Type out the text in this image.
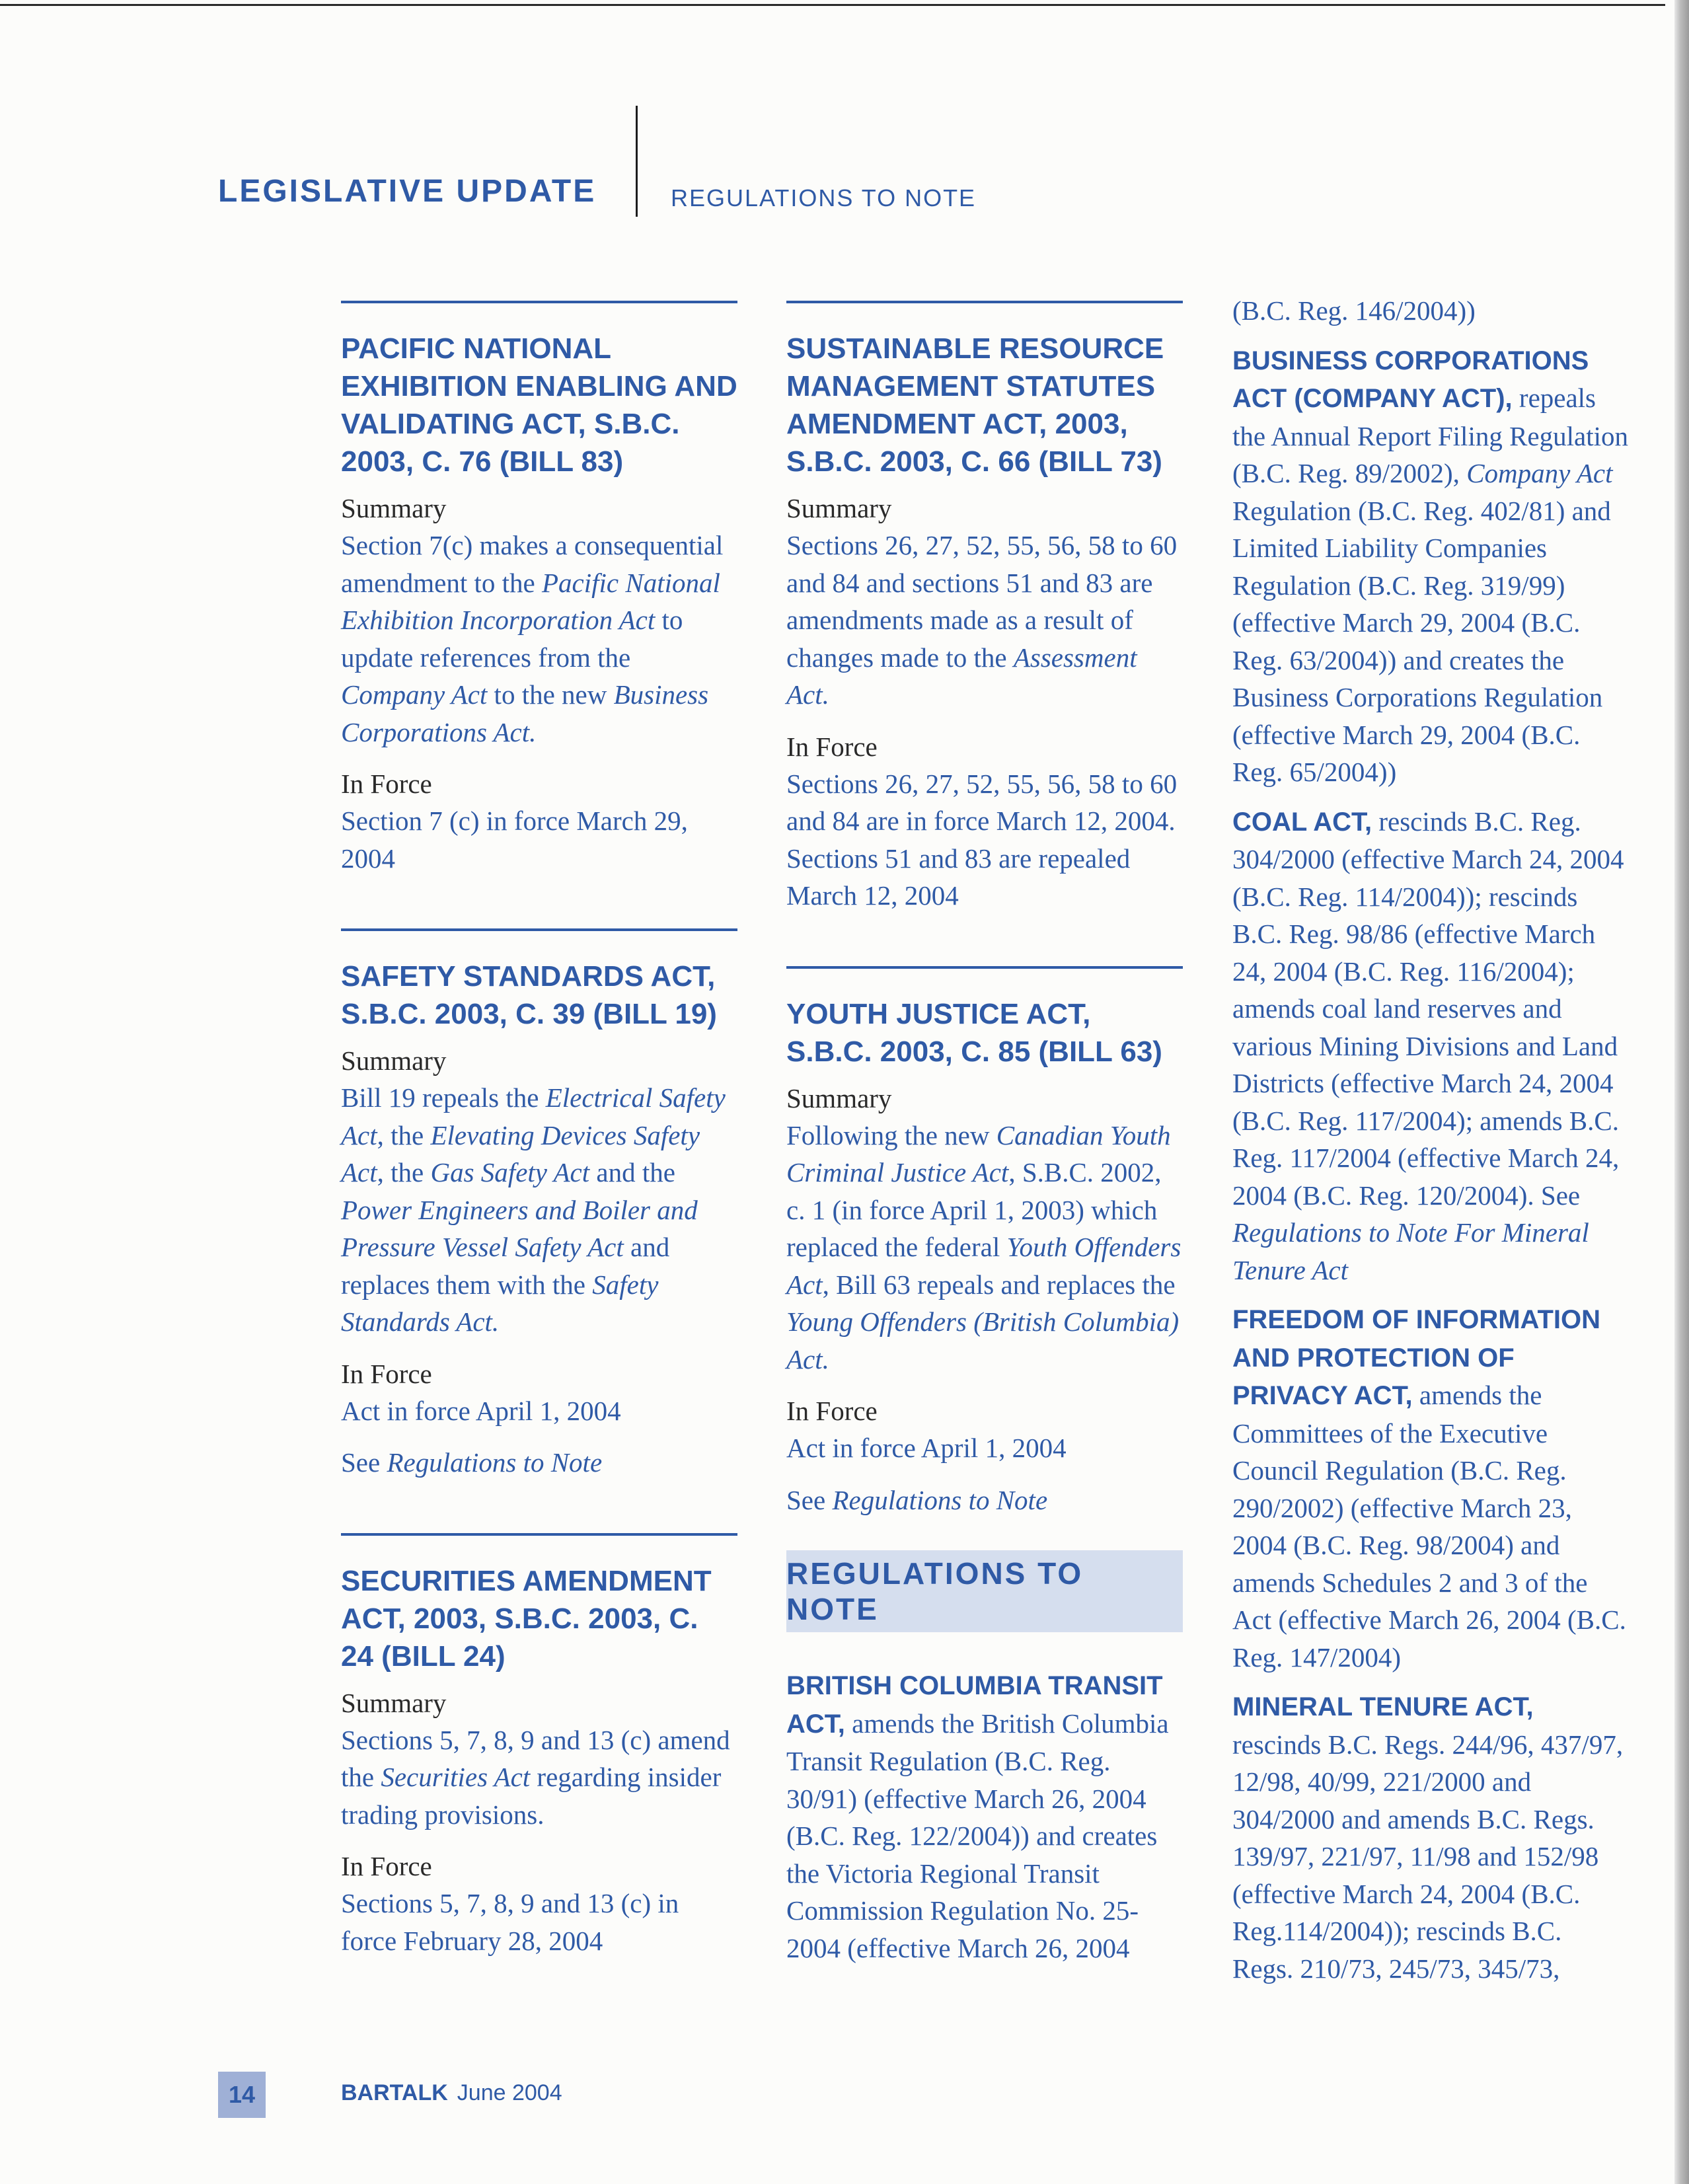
LEGISLATIVE UPDATE	REGULATIONS TO NOTE
PACIFIC NATIONAL EXHIBITION ENABLING AND VALIDATING ACT, S.B.C. 2003, C. 76 (BILL 83)
Summary

Section 7(c) makes a consequential amendment to the Pacific National Exhibition Incorporation Act to update references from the Company Act to the new Business Corporations Act.

In Force

Section 7 (c) in force March 29, 2004

SAFETY STANDARDS ACT, S.B.C. 2003, C. 39 (BILL 19)
Summary

Bill 19 repeals the Electrical Safety Act, the Elevating Devices Safety Act, the Gas Safety Act and the Power Engineers and Boiler and Pressure Vessel Safety Act and replaces them with the Safety Standards Act.

In Force

Act in force April 1, 2004

See Regulations to Note

SECURITIES AMENDMENT ACT, 2003, S.B.C. 2003, C. 24 (BILL 24)
Summary

Sections 5, 7, 8, 9 and 13 (c) amend the Securities Act regarding insider trading provisions.

In Force

Sections 5, 7, 8, 9 and 13 (c) in force February 28, 2004

SUSTAINABLE RESOURCE MANAGEMENT STATUTES AMENDMENT ACT, 2003, S.B.C. 2003, C. 66 (BILL 73)
Summary

Sections 26, 27, 52, 55, 56, 58 to 60 and 84 and sections 51 and 83 are amendments made as a result of changes made to the Assessment Act.

In Force

Sections 26, 27, 52, 55, 56, 58 to 60 and 84 are in force March 12, 2004. Sections 51 and 83 are repealed March 12, 2004

YOUTH JUSTICE ACT, S.B.C. 2003, C. 85 (BILL 63)
Summary

Following the new Canadian Youth Criminal Justice Act, S.B.C. 2002, c. 1 (in force April 1, 2003) which replaced the federal Youth Offenders Act, Bill 63 repeals and replaces the Young Offenders (British Columbia) Act.

In Force

Act in force April 1, 2004

See Regulations to Note

REGULATIONS TO NOTE

BRITISH COLUMBIA TRANSIT ACT, amends the British Columbia Transit Regulation (B.C. Reg. 30/91) (effective March 26, 2004 (B.C. Reg. 122/2004)) and creates the Victoria Regional Transit Commission Regulation No. 25-2004 (effective March 26, 2004

(B.C. Reg. 146/2004))

BUSINESS CORPORATIONS ACT (COMPANY ACT), repeals the Annual Report Filing Regulation (B.C. Reg. 89/2002), Company Act Regulation (B.C. Reg. 402/81) and Limited Liability Companies Regulation (B.C. Reg. 319/99) (effective March 29, 2004 (B.C. Reg. 63/2004)) and creates the Business Corporations Regulation (effective March 29, 2004 (B.C. Reg. 65/2004))

COAL ACT, rescinds B.C. Reg. 304/2000 (effective March 24, 2004 (B.C. Reg. 114/2004)); rescinds B.C. Reg. 98/86 (effective March 24, 2004 (B.C. Reg. 116/2004); amends coal land reserves and various Mining Divisions and Land Districts (effective March 24, 2004 (B.C. Reg. 117/2004); amends B.C. Reg. 117/2004 (effective March 24, 2004 (B.C. Reg. 120/2004). See Regulations to Note For Mineral Tenure Act

FREEDOM OF INFORMATION AND PROTECTION OF PRIVACY ACT, amends the Committees of the Executive Council Regulation (B.C. Reg. 290/2002) (effective March 23, 2004 (B.C. Reg. 98/2004) and amends Schedules 2 and 3 of the Act (effective March 26, 2004 (B.C. Reg. 147/2004)

MINERAL TENURE ACT, rescinds B.C. Regs. 244/96, 437/97, 12/98, 40/99, 221/2000 and 304/2000 and amends B.C. Regs. 139/97, 221/97, 11/98 and 152/98 (effective March 24, 2004 (B.C. Reg.114/2004)); rescinds B.C. Regs. 210/73, 245/73, 345/73,

14	BARTALK June 2004
